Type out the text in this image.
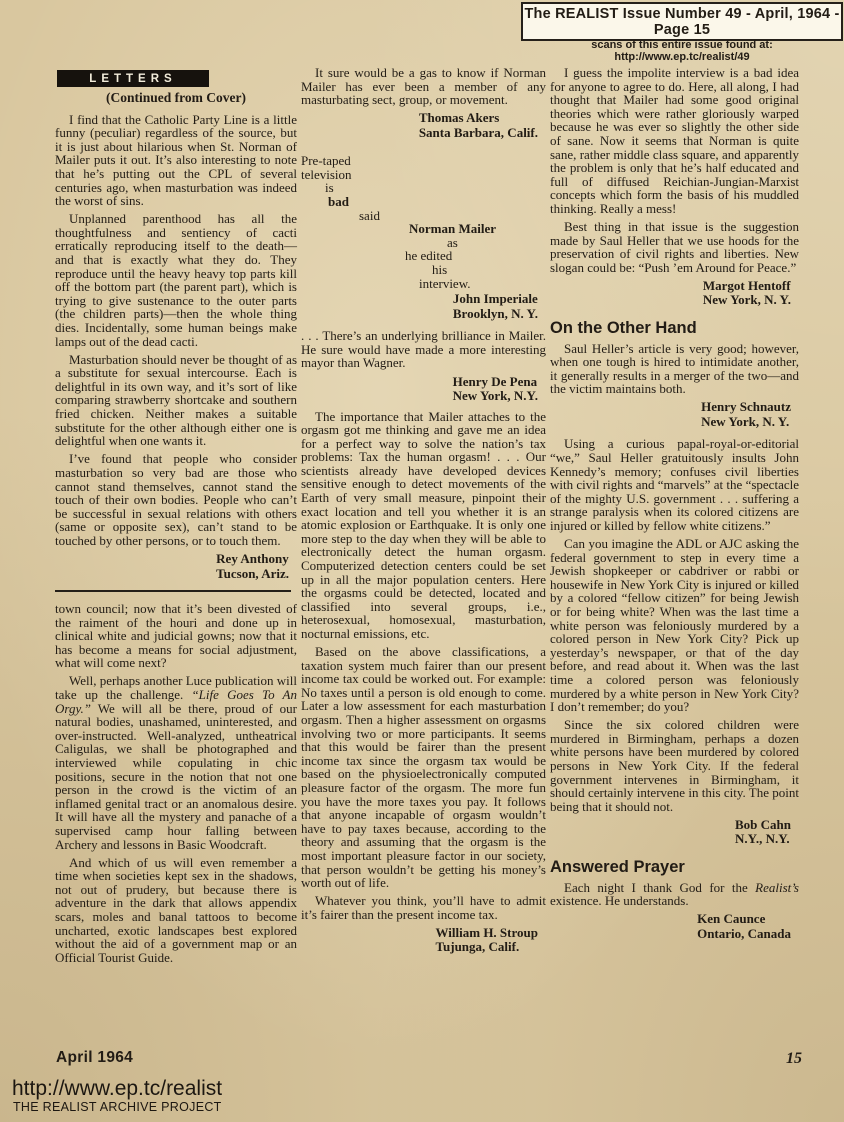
The REALIST Issue Number 49 - April, 1964 - Page 15
scans of this entire issue found at: http://www.ep.tc/realist/49
LETTERS
(Continued from Cover)

I find that the Catholic Party Line is a little funny (peculiar) regardless of the source, but it is just about hilarious when St. Norman of Mailer puts it out. It’s also interesting to note that he’s putting out the CPL of several centuries ago, when masturbation was indeed the worst of sins.

Unplanned parenthood has all the thoughtfulness and sentiency of cacti erratically reproducing itself to the death—and that is exactly what they do. They reproduce until the heavy heavy top parts kill off the bottom part (the parent part), which is trying to give sustenance to the outer parts (the children parts)—then the whole thing dies. Incidentally, some human beings make lamps out of the dead cacti.

Masturbation should never be thought of as a substitute for sexual intercourse. Each is delightful in its own way, and it’s sort of like comparing strawberry shortcake and southern fried chicken. Neither makes a suitable substitute for the other although either one is delightful when one wants it.

I’ve found that people who consider masturbation so very bad are those who cannot stand themselves, cannot stand the touch of their own bodies. People who can’t be successful in sexual relations with others (same or opposite sex), can’t stand to be touched by other persons, or to touch them.

Rey Anthony
Tucson, Ariz.

town council; now that it’s been divested of the raiment of the houri and done up in clinical white and judicial gowns; now that it has become a means for social adjustment, what will come next?

Well, perhaps another Luce publication will take up the challenge. “Life Goes To An Orgy.” We will all be there, proud of our natural bodies, unashamed, uninterested, and over-instructed. Well-analyzed, untheatrical Caligulas, we shall be photographed and interviewed while copulating in chic positions, secure in the notion that not one person in the crowd is the victim of an inflamed genital tract or an anomalous desire. It will have all the mystery and panache of a supervised camp hour falling between Archery and lessons in Basic Woodcraft.

And which of us will even remember a time when societies kept sex in the shadows, not out of prudery, but because there is adventure in the dark that allows appendix scars, moles and banal tattoos to become uncharted, exotic landscapes best explored without the aid of a government map or an Official Tourist Guide.

It sure would be a gas to know if Norman Mailer has ever been a member of any masturbating sect, group, or movement.

Thomas Akers
Santa Barbara, Calif.
Pre-taped
television
is
bad
said
Norman Mailer
as
he edited
his
interview.
John Imperiale
Brooklyn, N. Y.

. . . There’s an underlying brilliance in Mailer. He sure would have made a more interesting mayor than Wagner.

Henry De Pena
New York, N.Y.

The importance that Mailer attaches to the orgasm got me thinking and gave me an idea for a perfect way to solve the nation’s tax problems: Tax the human orgasm! . . . Our scientists already have developed devices sensitive enough to detect movements of the Earth of very small measure, pinpoint their exact location and tell you whether it is an atomic explosion or Earthquake. It is only one more step to the day when they will be able to electronically detect the human orgasm. Computerized detection centers could be set up in all the major population centers. Here the orgasms could be detected, located and classified into several groups, i.e., heterosexual, homosexual, masturbation, nocturnal emissions, etc.

Based on the above classifications, a taxation system much fairer than our present income tax could be worked out. For example: No taxes until a person is old enough to come. Later a low assessment for each masturbation orgasm. Then a higher assessment on orgasms involving two or more participants. It seems that this would be fairer than the present income tax since the orgasm tax would be based on the physioelectronically computed pleasure factor of the orgasm. The more fun you have the more taxes you pay. It follows that anyone incapable of orgasm wouldn’t have to pay taxes because, according to the theory and assuming that the orgasm is the most important pleasure factor in our society, that person wouldn’t be getting his money’s worth out of life.

Whatever you think, you’ll have to admit it’s fairer than the present income tax.

William H. Stroup
Tujunga, Calif.

I guess the impolite interview is a bad idea for anyone to agree to do. Here, all along, I had thought that Mailer had some good original theories which were rather gloriously warped because he was ever so slightly the other side of sane. Now it seems that Norman is quite sane, rather middle class square, and apparently the problem is only that he’s half educated and full of diffused Reichian-Jungian-Marxist concepts which form the basis of his muddled thinking. Really a mess!

Best thing in that issue is the suggestion made by Saul Heller that we use hoods for the preservation of civil rights and liberties. New slogan could be: “Push ’em Around for Peace.”

Margot Hentoff
New York, N. Y.
On the Other Hand

Saul Heller’s article is very good; however, when one tough is hired to intimidate another, it generally results in a merger of the two—and the victim maintains both.

Henry Schnautz
New York, N. Y.

Using a curious papal-royal-or-editorial “we,” Saul Heller gratuitously insults John Kennedy’s memory; confuses civil liberties with civil rights and “marvels” at the “spectacle of the mighty U.S. government . . . suffering a strange paralysis when its colored citizens are injured or killed by fellow white citizens.”

Can you imagine the ADL or AJC asking the federal government to step in every time a Jewish shopkeeper or cabdriver or rabbi or housewife in New York City is injured or killed by a colored “fellow citizen” for being Jewish or for being white? When was the last time a white person was feloniously murdered by a colored person in New York City? Pick up yesterday’s newspaper, or that of the day before, and read about it. When was the last time a colored person was feloniously murdered by a white person in New York City? I don’t remember; do you?

Since the six colored children were murdered in Birmingham, perhaps a dozen white persons have been murdered by colored persons in New York City. If the federal government intervenes in Birmingham, it should certainly intervene in this city. The point being that it should not.

Bob Cahn
N.Y., N.Y.
Answered Prayer

Each night I thank God for the Realist’s existence. He understands.

Ken Caunce
Ontario, Canada
April 1964
http://www.ep.tc/realist
THE REALIST ARCHIVE PROJECT
15
